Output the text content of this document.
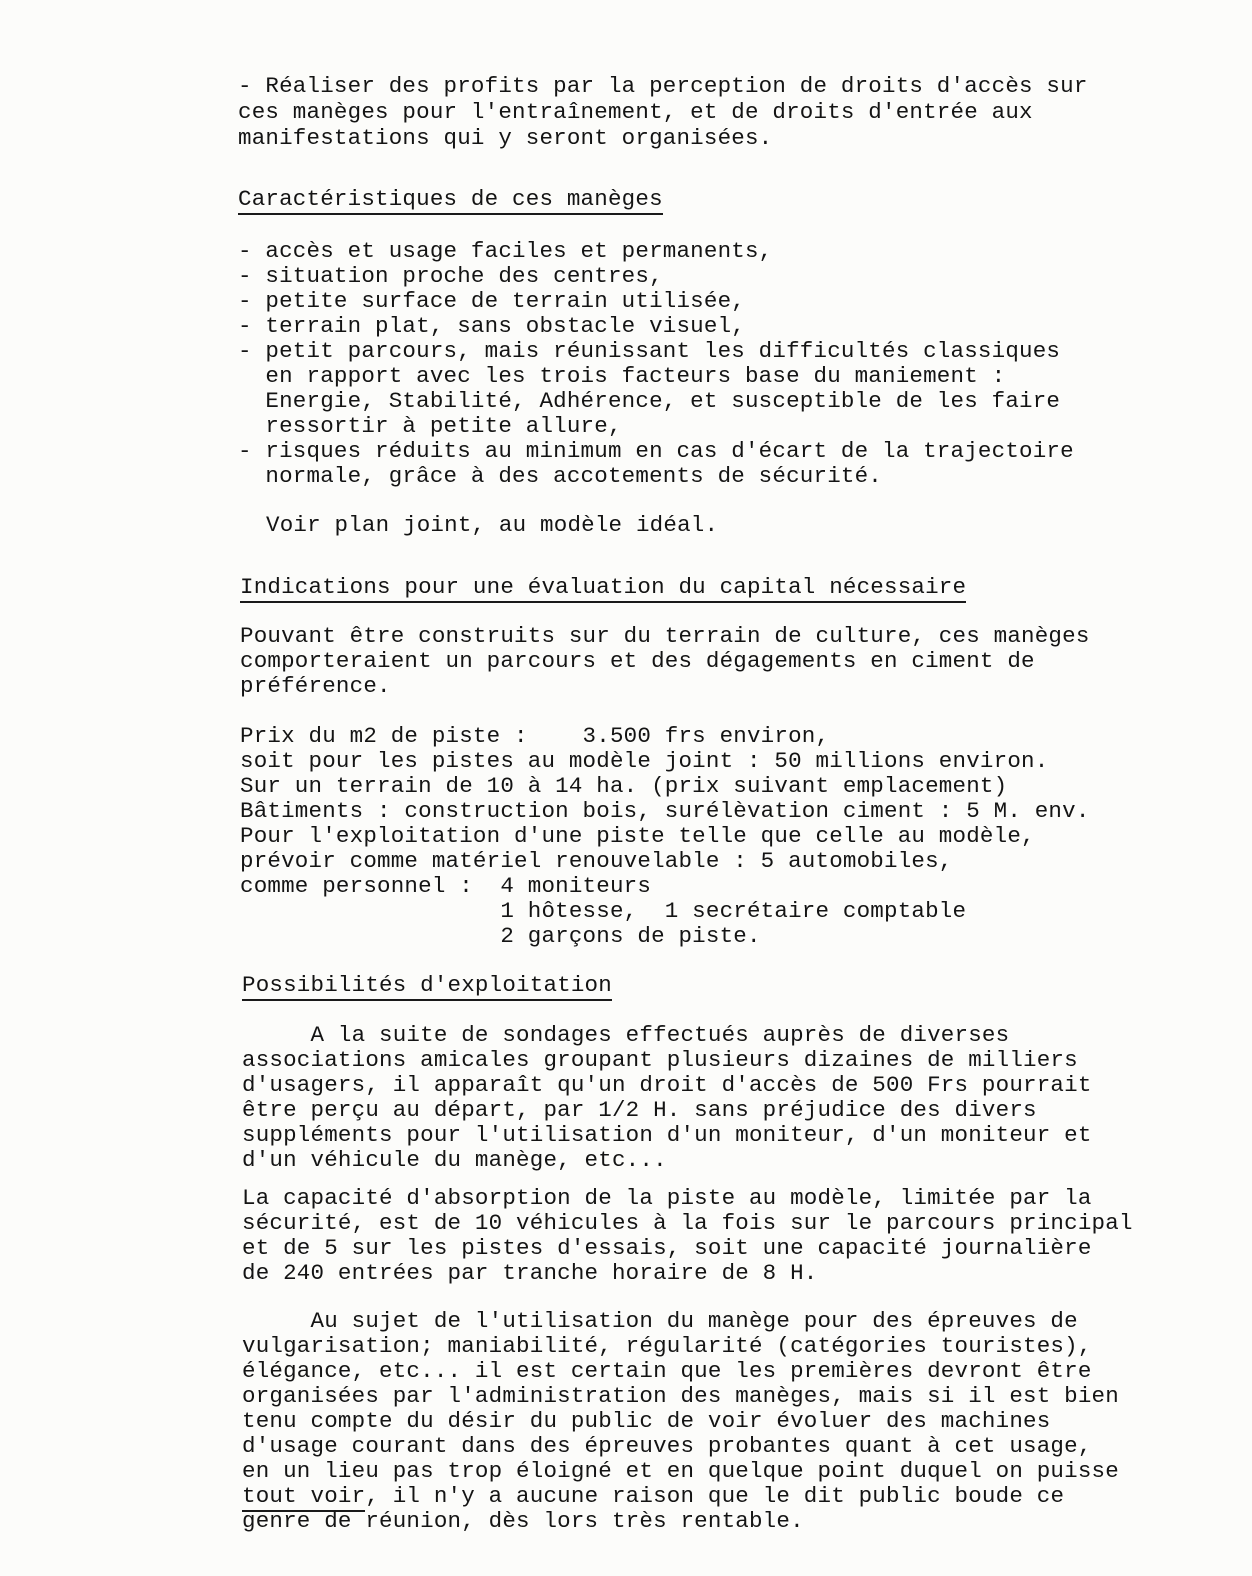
- Réaliser des profits par la perception de droits d'accès sur
ces manèges pour l'entraînement, et de droits d'entrée aux
manifestations qui y seront organisées.
Caractéristiques de ces manèges
- accès et usage faciles et permanents,
- situation proche des centres,
- petite surface de terrain utilisée,
- terrain plat, sans obstacle visuel,
- petit parcours, mais réunissant les difficultés classiques
en rapport avec les trois facteurs base du maniement :
Energie, Stabilité, Adhérence, et susceptible de les faire
ressortir à petite allure,
- risques réduits au minimum en cas d'écart de la trajectoire
normale, grâce à des accotements de sécurité.
Voir plan joint, au modèle idéal.
Indications pour une évaluation du capital nécessaire
Pouvant être construits sur du terrain de culture, ces manèges
comporteraient un parcours et des dégagements en ciment de
préférence.
Prix du m2 de piste :    3.500 frs environ,
soit pour les pistes au modèle joint : 50 millions environ.
Sur un terrain de 10 à 14 ha. (prix suivant emplacement)
Bâtiments : construction bois, surélèvation ciment : 5 M. env.
Pour l'exploitation d'une piste telle que celle au modèle,
prévoir comme matériel renouvelable : 5 automobiles,
comme personnel :  4 moniteurs
1 hôtesse,  1 secrétaire comptable
2 garçons de piste.
Possibilités d'exploitation
A la suite de sondages effectués auprès de diverses
associations amicales groupant plusieurs dizaines de milliers
d'usagers, il apparaît qu'un droit d'accès de 500 Frs pourrait
être perçu au départ, par 1/2 H. sans préjudice des divers
suppléments pour l'utilisation d'un moniteur, d'un moniteur et
d'un véhicule du manège, etc...
La capacité d'absorption de la piste au modèle, limitée par la
sécurité, est de 10 véhicules à la fois sur le parcours principal
et de 5 sur les pistes d'essais, soit une capacité journalière
de 240 entrées par tranche horaire de 8 H.
Au sujet de l'utilisation du manège pour des épreuves de
vulgarisation; maniabilité, régularité (catégories touristes),
élégance, etc... il est certain que les premières devront être
organisées par l'administration des manèges, mais si il est bien
tenu compte du désir du public de voir évoluer des machines
d'usage courant dans des épreuves probantes quant à cet usage,
en un lieu pas trop éloigné et en quelque point duquel on puisse
tout voir, il n'y a aucune raison que le dit public boude ce
genre de réunion, dès lors très rentable.
